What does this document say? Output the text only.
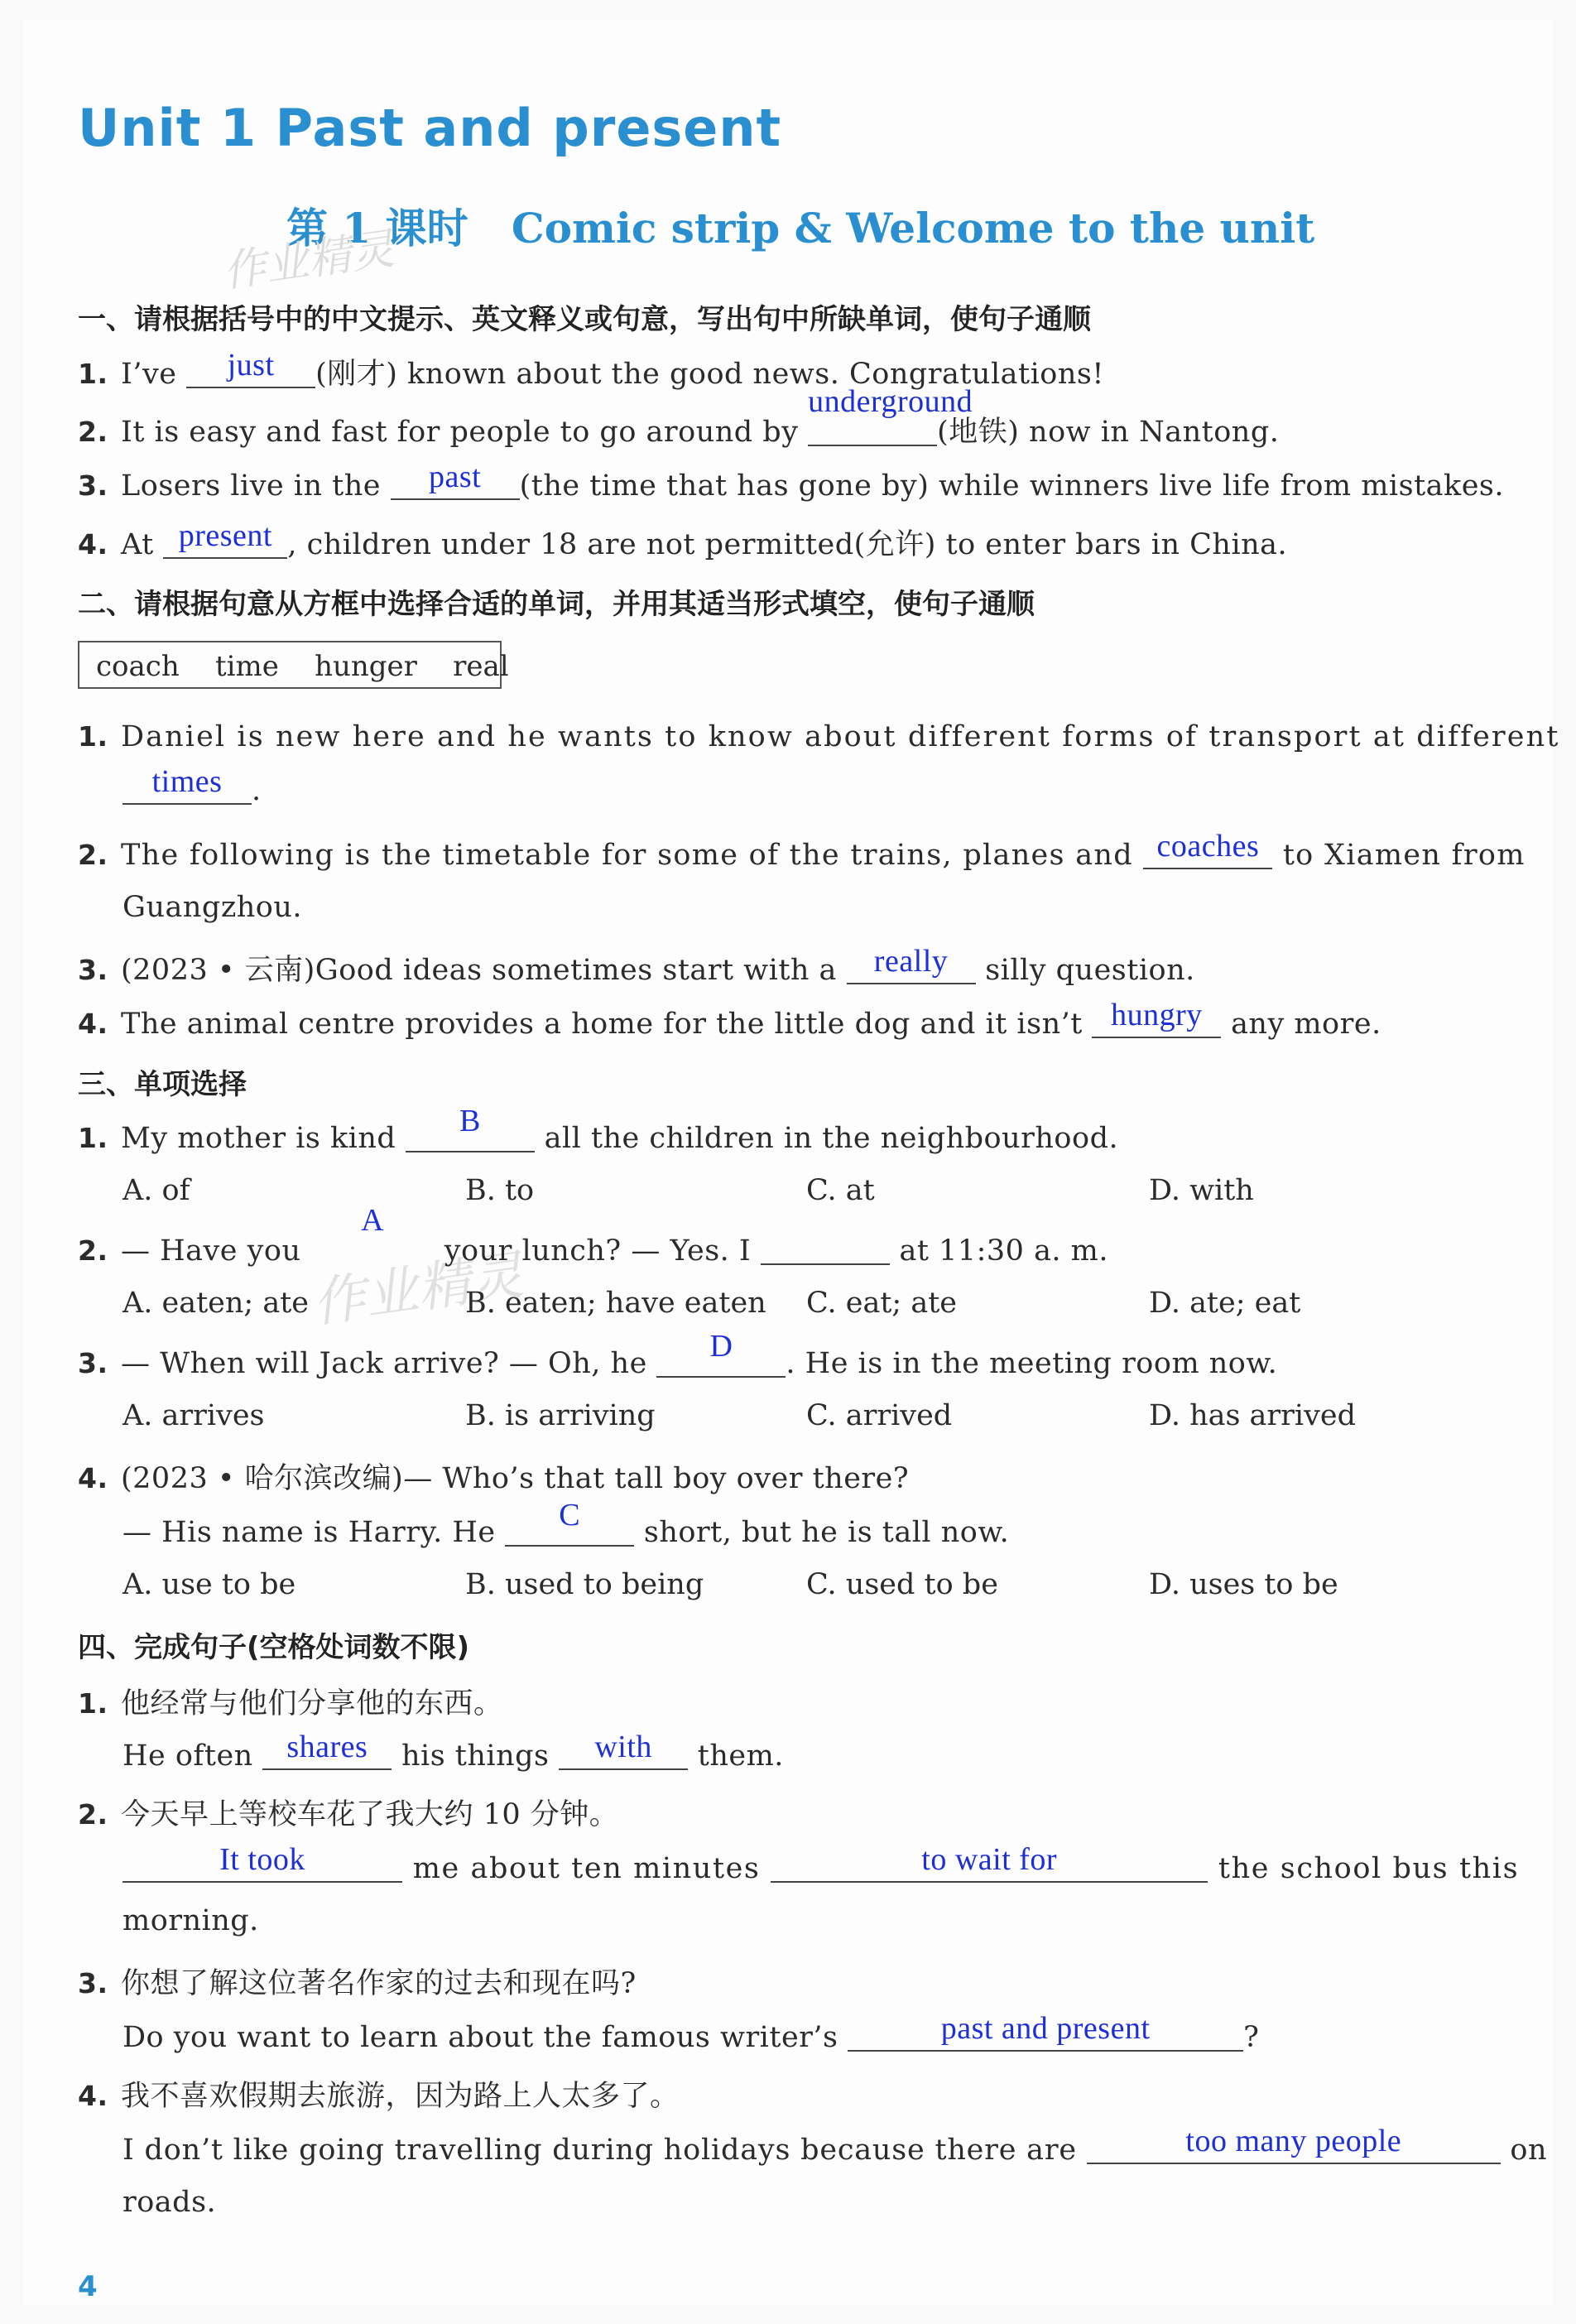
Unit 1 Past and present
第 1 课时   Comic strip & Welcome to the unit
作业精灵
作业精灵
一、请根据括号中的中文提示、英文释义或句意，写出句中所缺单词，使句子通顺
1. I’ve	just	(刚才) known about the good news. Congratulations!
2. It is easy and fast for people to go around by
underground
(地铁) now in Nantong.
3. Losers live in the	past	(the time that has gone by) while winners live life from mistakes.
4. At present , children under 18 are not permitted(允许) to enter bars in China.
二、请根据句意从方框中选择合适的单词，并用其适当形式填空，使句子通顺
coach    time    hunger    real
1. Daniel is new here and he wants to know about different forms of transport at different
times	.
2. The following is the timetable for some of the trains, planes and coaches to Xiamen from
Guangzhou.
3. (2023 • 云南)Good ideas sometimes start with a really silly question.
4. The animal centre provides a home for the little dog and it isn’t hungry any more.
三、单项选择
1. My mother is kind	B	all the children in the neighbourhood.
A. of	B. to	C. at	D. with
2. — Have you
A
your lunch? — Yes. I	at 11:30 a. m.
A. eaten; ate	B. eaten; have eaten C. eat; ate	D. ate; eat
3. — When will Jack arrive? — Oh, he	D	. He is in the meeting room now.
A. arrives	B. is arriving	C. arrived	D. has arrived
4. (2023 • 哈尔滨改编)— Who’s that tall boy over there?
— His name is Harry. He	C	short, but he is tall now.
A. use to be	B. used to being	C. used to be	D. uses to be
四、完成句子(空格处词数不限)
1. 他经常与他们分享他的东西。
He often shares his things	with	them.
2. 今天早上等校车花了我大约 10 分钟。
It took	me about ten minutes	to wait for	the school bus this
morning.
3. 你想了解这位著名作家的过去和现在吗?
Do you want to learn about the famous writer’s	past and present	?
4. 我不喜欢假期去旅游，因为路上人太多了。
I don’t like going travelling during holidays because there are	too many people	on
roads.
4
